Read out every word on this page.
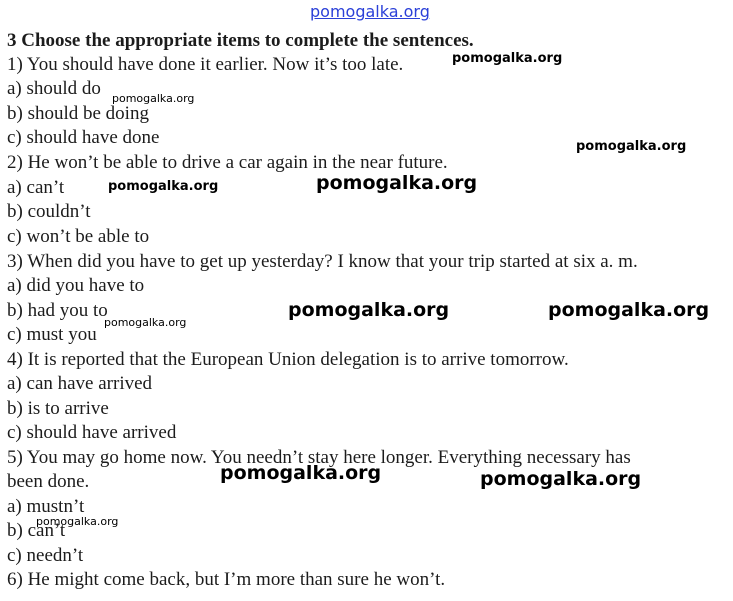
pomogalka.org
3 Choose the appropriate items to complete the sentences.
1) You should have done it earlier. Now it’s too late.
a) should do
b) should be doing
c) should have done
2) He won’t be able to drive a car again in the near future.
a) can’t
b) couldn’t
c) won’t be able to
3) When did you have to get up yesterday? I know that your trip started at six a. m.
a) did you have to
b) had you to
c) must you
4) It is reported that the European Union delegation is to arrive tomorrow.
a) can have arrived
b) is to arrive
c) should have arrived
5) You may go home now. You needn’t stay here longer. Everything necessary has
been done.
a) mustn’t
b) can’t
c) needn’t
6) He might come back, but I’m more than sure he won’t.
pomogalka.org
pomogalka.org
pomogalka.org
pomogalka.org	pomogalka.org
pomogalka.org	pomogalka.org
pomogalka.org
pomogalka.org	pomogalka.org
pomogalka.org
